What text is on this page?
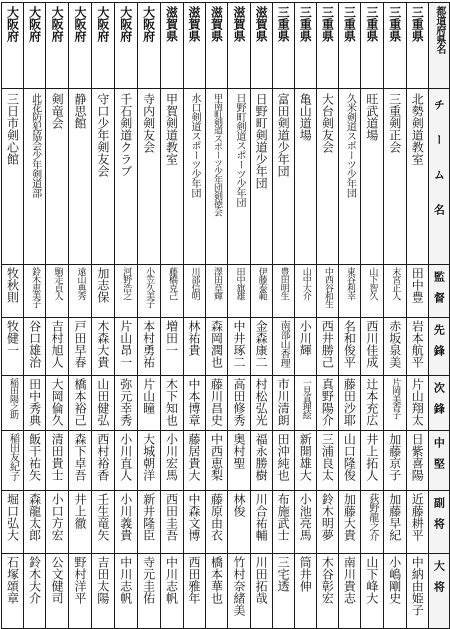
大阪府	大阪府	大阪府	大阪府	大阪府	大阪府	大阪府	滋賀県	滋賀県	滋賀県	滋賀県	滋賀県	三重県	三重県	三重県	三重県	三重県	三重県	三重県	都道府県名
三日市剣心館	此花防犯協会少年剣道部	剣竜会	静思館	守口少年剣友会	千石剣道クラブ	寺内剣友会	甲賀剣道教室	水口剣道スポーツ少年団	甲南町剣道スポーツ少年団剣徳会	日野町剣道スポーツ少年団	日野町剣道少年団	富田剣道少年団	亀山道場	大台剣友会	久米剣道スポーツ少年団	旺武道場	三重剣正会	北勢剣道教室	チーム名
牧秋則	鈴木恵美子	駒走貞人	遠山典秀	加志保	河野浩之	小笠久美子	藤橋克己	川部信明	澤田草輝	田中旗雄	伊藤泰範	豊田明生	山中大介	中西谷和生	東谷利幸	山下智久	末宮正人	田中豊	監督
牧健一	谷口雄治	吉村旭人	戸田早春	木森大貴	片山昂一	本村勇祐	増田一	林祐貴	森岡潤也	中井琢二	金森康二	南部山香理	小川輝	西井勝己	名和俊平	西川佳成	赤坂泉美	岩本航平	先鋒
稲田陽之助	田中秀典	大岡倫久	橋本裕己	山田健弘	弥元幸秀	片山瞳	木下知也	中本博章	藤川昌史	高田修秀	村松弘光	市川清朗	一見真理絵	真野陽介	藤田沙耶	辻本充広	片岡美香子	片山翔太	次鋒
稲田友紀子	飯干祐矢	清田貴士	森下卓吾	西村裕香	小川直人	大城朝洋	小川宏馬	藤居貴大	中西恵梨	奥村聖	福永勝樹	田沖純也	新開雄大	三浦良太	山口隆俊	井上拓人	加藤京子	日紫喜陽	中堅
堀口弘大	森龍太郎	小口方宏	井上徹	壬生竜矢	小川義貴	新井隆臣	西田圭吾	中森文博	藤原由衣	林俊	川合祐輔	布施武士	小池亮馬	鈴木明夢	加藤大貴	荻野龍之介	加藤早紀	近藤耕平	副将
石塚頌章	鈴木大介	公文健司	野村洋平	吉田太陽	中川志帆	寺元圭佑	中川志帆	西田雅年	橋本華也	竹村奈緒美	川田拓哉	三宅透	筒井伸	木谷彰宏	南川貴志	山下峰大	小嶋剛史	中納由姫子	大将
